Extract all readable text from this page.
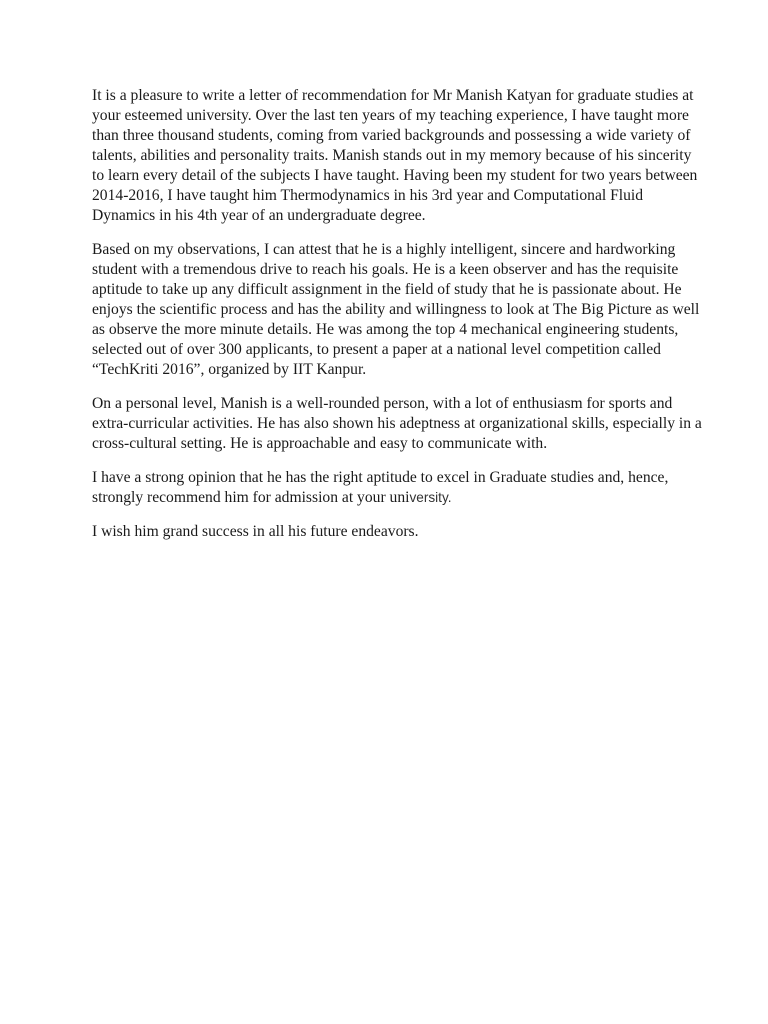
It is a pleasure to write a letter of recommendation for Mr Manish Katyan for graduate studies at your esteemed university. Over the last ten years of my teaching experience, I have taught more than three thousand students, coming from varied backgrounds and possessing a wide variety of talents, abilities and personality traits. Manish stands out in my memory because of his sincerity to learn every detail of the subjects I have taught. Having been my student for two years between 2014-2016, I have taught him Thermodynamics in his 3rd year and Computational Fluid Dynamics in his 4th year of an undergraduate degree.

Based on my observations, I can attest that he is a highly intelligent, sincere and hardworking student with a tremendous drive to reach his goals. He is a keen observer and has the requisite aptitude to take up any difficult assignment in the field of study that he is passionate about. He enjoys the scientific process and has the ability and willingness to look at The Big Picture as well as observe the more minute details. He was among the top 4 mechanical engineering students, selected out of over 300 applicants, to present a paper at a national level competition called “TechKriti 2016”, organized by IIT Kanpur.

On a personal level, Manish is a well-rounded person, with a lot of enthusiasm for sports and extra-curricular activities. He has also shown his adeptness at organizational skills, especially in a cross-cultural setting. He is approachable and easy to communicate with.

I have a strong opinion that he has the right aptitude to excel in Graduate studies and, hence, strongly recommend him for admission at your university.

I wish him grand success in all his future endeavors.
